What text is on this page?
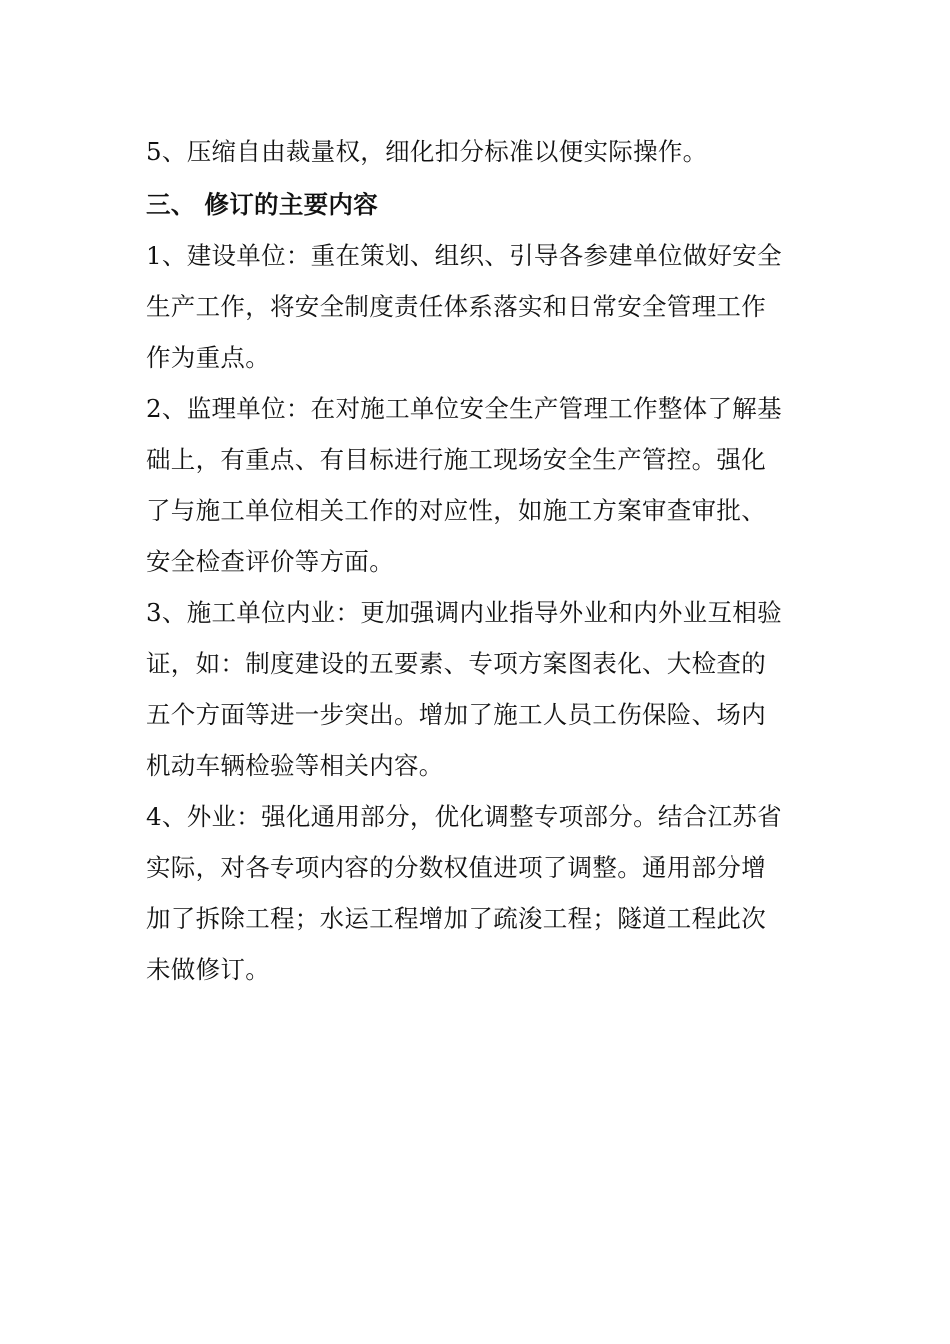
5、压缩自由裁量权，细化扣分标准以便实际操作。
三、 修订的主要内容
1、建设单位：重在策划、组织、引导各参建单位做好安全
生产工作，将安全制度责任体系落实和日常安全管理工作
作为重点。
2、监理单位：在对施工单位安全生产管理工作整体了解基
础上，有重点、有目标进行施工现场安全生产管控。强化
了与施工单位相关工作的对应性，如施工方案审查审批、
安全检查评价等方面。
3、施工单位内业：更加强调内业指导外业和内外业互相验
证，如：制度建设的五要素、专项方案图表化、大检查的
五个方面等进一步突出。增加了施工人员工伤保险、场内
机动车辆检验等相关内容。
4、外业：强化通用部分，优化调整专项部分。结合江苏省
实际，对各专项内容的分数权值进项了调整。通用部分增
加了拆除工程；水运工程增加了疏浚工程；隧道工程此次
未做修订。
